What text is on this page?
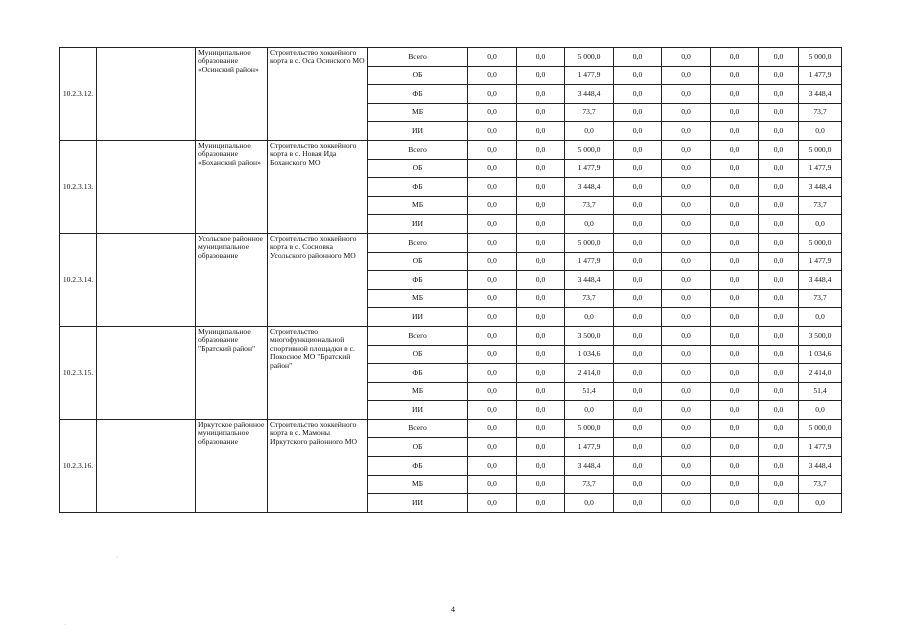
10.2.3.12.		Муниципальное образование «Осинский район»	Строительство хоккейного корта в с. Оса Осинского МО	Всего	0,0	0,0	5 000,0	0,0	0,0	0,0	0,0	5 000,0
				ОБ	0,0	0,0	1 477,9	0,0	0,0	0,0	0,0	1 477,9
				ФБ	0,0	0,0	3 448,4	0,0	0,0	0,0	0,0	3 448,4
				МБ	0,0	0,0	73,7	0,0	0,0	0,0	0,0	73,7
				ИИ	0,0	0,0	0,0	0,0	0,0	0,0	0,0	0,0
10.2.3.13.		Муниципальное образование «Боханский район»	Строительство хоккейного корта в с. Новая Ида Боханского МО	Всего	0,0	0,0	5 000,0	0,0	0,0	0,0	0,0	5 000,0
				ОБ	0,0	0,0	1 477,9	0,0	0,0	0,0	0,0	1 477,9
				ФБ	0,0	0,0	3 448,4	0,0	0,0	0,0	0,0	3 448,4
				МБ	0,0	0,0	73,7	0,0	0,0	0,0	0,0	73,7
				ИИ	0,0	0,0	0,0	0,0	0,0	0,0	0,0	0,0
10.2.3.14.		Усольское районное муниципальное образование	Строительство хоккейного корта в с. Сосновка Усольского районного МО	Всего	0,0	0,0	5 000,0	0,0	0,0	0,0	0,0	5 000,0
				ОБ	0,0	0,0	1 477,9	0,0	0,0	0,0	0,0	1 477,9
				ФБ	0,0	0,0	3 448,4	0,0	0,0	0,0	0,0	3 448,4
				МБ	0,0	0,0	73,7	0,0	0,0	0,0	0,0	73,7
				ИИ	0,0	0,0	0,0	0,0	0,0	0,0	0,0	0,0
10.2.3.15.		Муниципальное образование "Братский район"	Строительство многофункциональной спортивной площадки в с. Покосное МО "Братский район"	Всего	0,0	0,0	3 500,0	0,0	0,0	0,0	0,0	3 500,0
				ОБ	0,0	0,0	1 034,6	0,0	0,0	0,0	0,0	1 034,6
				ФБ	0,0	0,0	2 414,0	0,0	0,0	0,0	0,0	2 414,0
				МБ	0,0	0,0	51,4	0,0	0,0	0,0	0,0	51,4
				ИИ	0,0	0,0	0,0	0,0	0,0	0,0	0,0	0,0
10.2.3.16.		Иркутское районное муниципальное образование	Строительство хоккейного корта в с. Мамоны Иркутского районного МО	Всего	0,0	0,0	5 000,0	0,0	0,0	0,0	0,0	5 000,0
				ОБ	0,0	0,0	1 477,9	0,0	0,0	0,0	0,0	1 477,9
				ФБ	0,0	0,0	3 448,4	0,0	0,0	0,0	0,0	3 448,4
				МБ	0,0	0,0	73,7	0,0	0,0	0,0	0,0	73,7
				ИИ	0,0	0,0	0,0	0,0	0,0	0,0	0,0	0,0
4
·
·
